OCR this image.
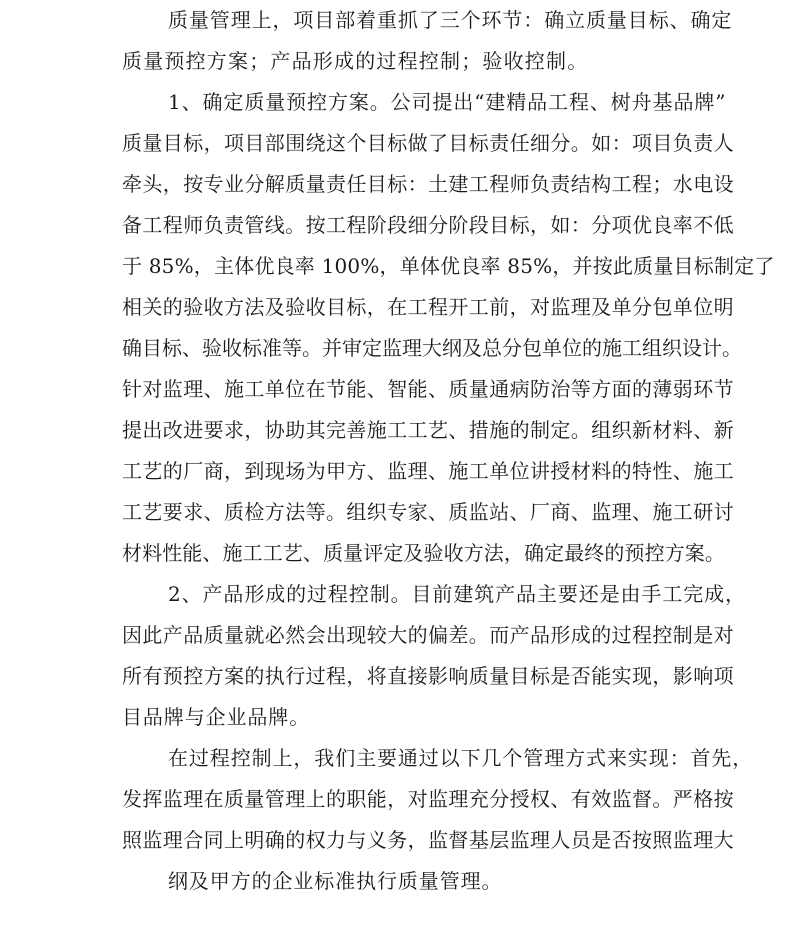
质量管理上，项目部着重抓了三个环节：确立质量目标、确定
质量预控方案；产品形成的过程控制；验收控制。
1、确定质量预控方案。公司提出“建精品工程、树舟基品牌”
质量目标，项目部围绕这个目标做了目标责任细分。如：项目负责人
牵头，按专业分解质量责任目标：土建工程师负责结构工程；水电设
备工程师负责管线。按工程阶段细分阶段目标，如：分项优良率不低
于 85%，主体优良率 100%，单体优良率 85%，并按此质量目标制定了
相关的验收方法及验收目标，在工程开工前，对监理及单分包单位明
确目标、验收标准等。并审定监理大纲及总分包单位的施工组织设计。
针对监理、施工单位在节能、智能、质量通病防治等方面的薄弱环节
提出改进要求，协助其完善施工工艺、措施的制定。组织新材料、新
工艺的厂商，到现场为甲方、监理、施工单位讲授材料的特性、施工
工艺要求、质检方法等。组织专家、质监站、厂商、监理、施工研讨
材料性能、施工工艺、质量评定及验收方法，确定最终的预控方案。
2、产品形成的过程控制。目前建筑产品主要还是由手工完成，
因此产品质量就必然会出现较大的偏差。而产品形成的过程控制是对
所有预控方案的执行过程，将直接影响质量目标是否能实现，影响项
目品牌与企业品牌。
在过程控制上，我们主要通过以下几个管理方式来实现：首先，
发挥监理在质量管理上的职能，对监理充分授权、有效监督。严格按
照监理合同上明确的权力与义务，监督基层监理人员是否按照监理大
纲及甲方的企业标准执行质量管理。
